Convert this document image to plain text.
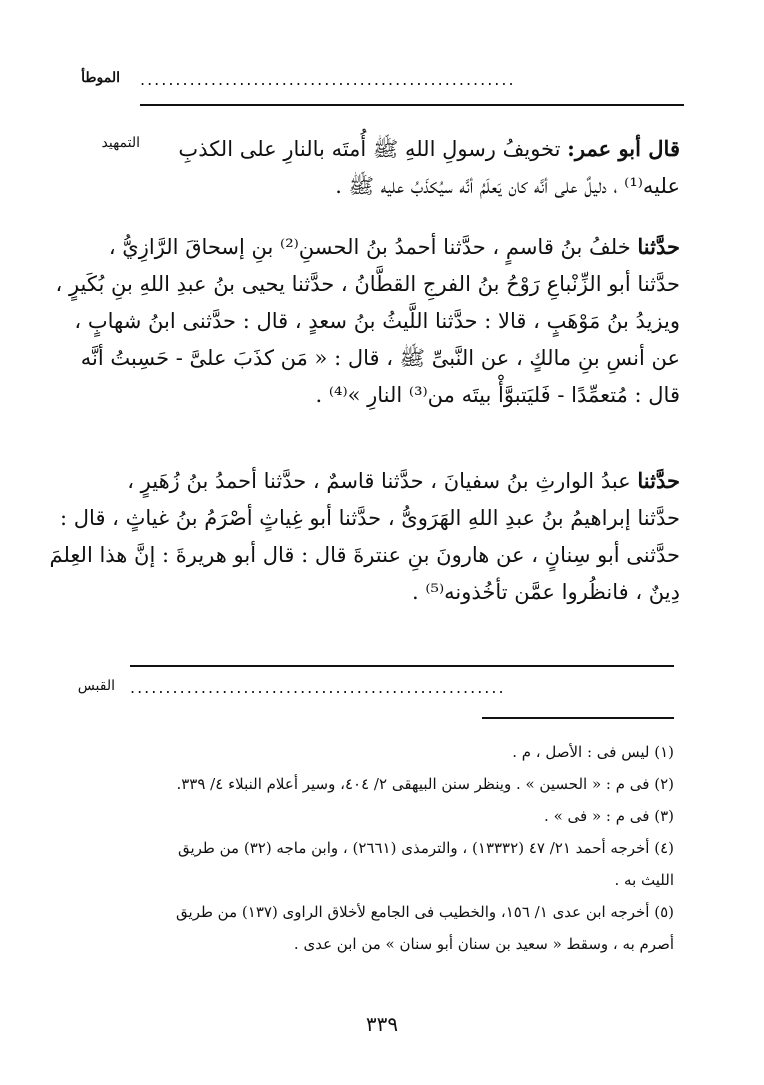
الموطأ .....................................................
التمهيد	قال أبو عمر: تخويفُ رسولِ اللهِ ﷺ أُمتَه بالنارِ على الكذبِ

عليه⁽¹⁾ ، دليلٌ على أنَّه كان يَعلَمُ أنَّه سيُكذَبُ عليه ﷺ .

حدَّثنا خلفُ بنُ قاسمٍ ، حدَّثنا أحمدُ بنُ الحسنِ⁽²⁾ بنِ إسحاقَ الرَّازِيُّ ،

حدَّثنا أبو الزِّنْباعِ رَوْحُ بنُ الفرجِ القطَّانُ ، حدَّثنا يحيى بنُ عبدِ اللهِ بنِ بُكَيرٍ ،

ويزيدُ بنُ مَوْهَبٍ ، قالا : حدَّثنا اللَّيثُ بنُ سعدٍ ، قال : حدَّثنى ابنُ شهابٍ ،

عن أنسِ بنِ مالكٍ ، عن النَّبىِّ ﷺ ، قال : « مَن كذَبَ علىَّ - حَسِبتُ أنَّه

قال : مُتعمِّدًا - فَليَتبوَّأْ بيتَه من⁽³⁾ النارِ »⁽⁴⁾ .

حدَّثنا عبدُ الوارثِ بنُ سفيانَ ، حدَّثنا قاسمٌ ، حدَّثنا أحمدُ بنُ زُهَيرٍ ،

حدَّثنا إبراهيمُ بنُ عبدِ اللهِ الهَرَوىُّ ، حدَّثنا أبو غِياثٍ أصْرَمُ بنُ غياثٍ ، قال :

حدَّثنى أبو سِنانٍ ، عن هارونَ بنِ عنترةَ قال : قال أبو هريرةَ : إنَّ هذا العِلمَ

دِينٌ ، فانظُروا عمَّن تأخُذونه⁽⁵⁾ .

القبس .....................................................

(١) ليس فى : الأصل ، م .

(٢) فى م : « الحسين » . وينظر سنن البيهقى ٢/ ٤٠٤، وسير أعلام النبلاء ٤/ ٣٣٩.

(٣) فى م : « فى » .

(٤) أخرجه أحمد ٢١/ ٤٧ (١٣٣٣٢) ، والترمذى (٢٦٦١) ، وابن ماجه (٣٢) من طريق

الليث به .

(٥) أخرجه ابن عدى ١/ ١٥٦، والخطيب فى الجامع لأخلاق الراوى (١٣٧) من طريق

أصرم به ، وسقط « سعيد بن سنان أبو سنان » من ابن عدى .

٣٣٩
